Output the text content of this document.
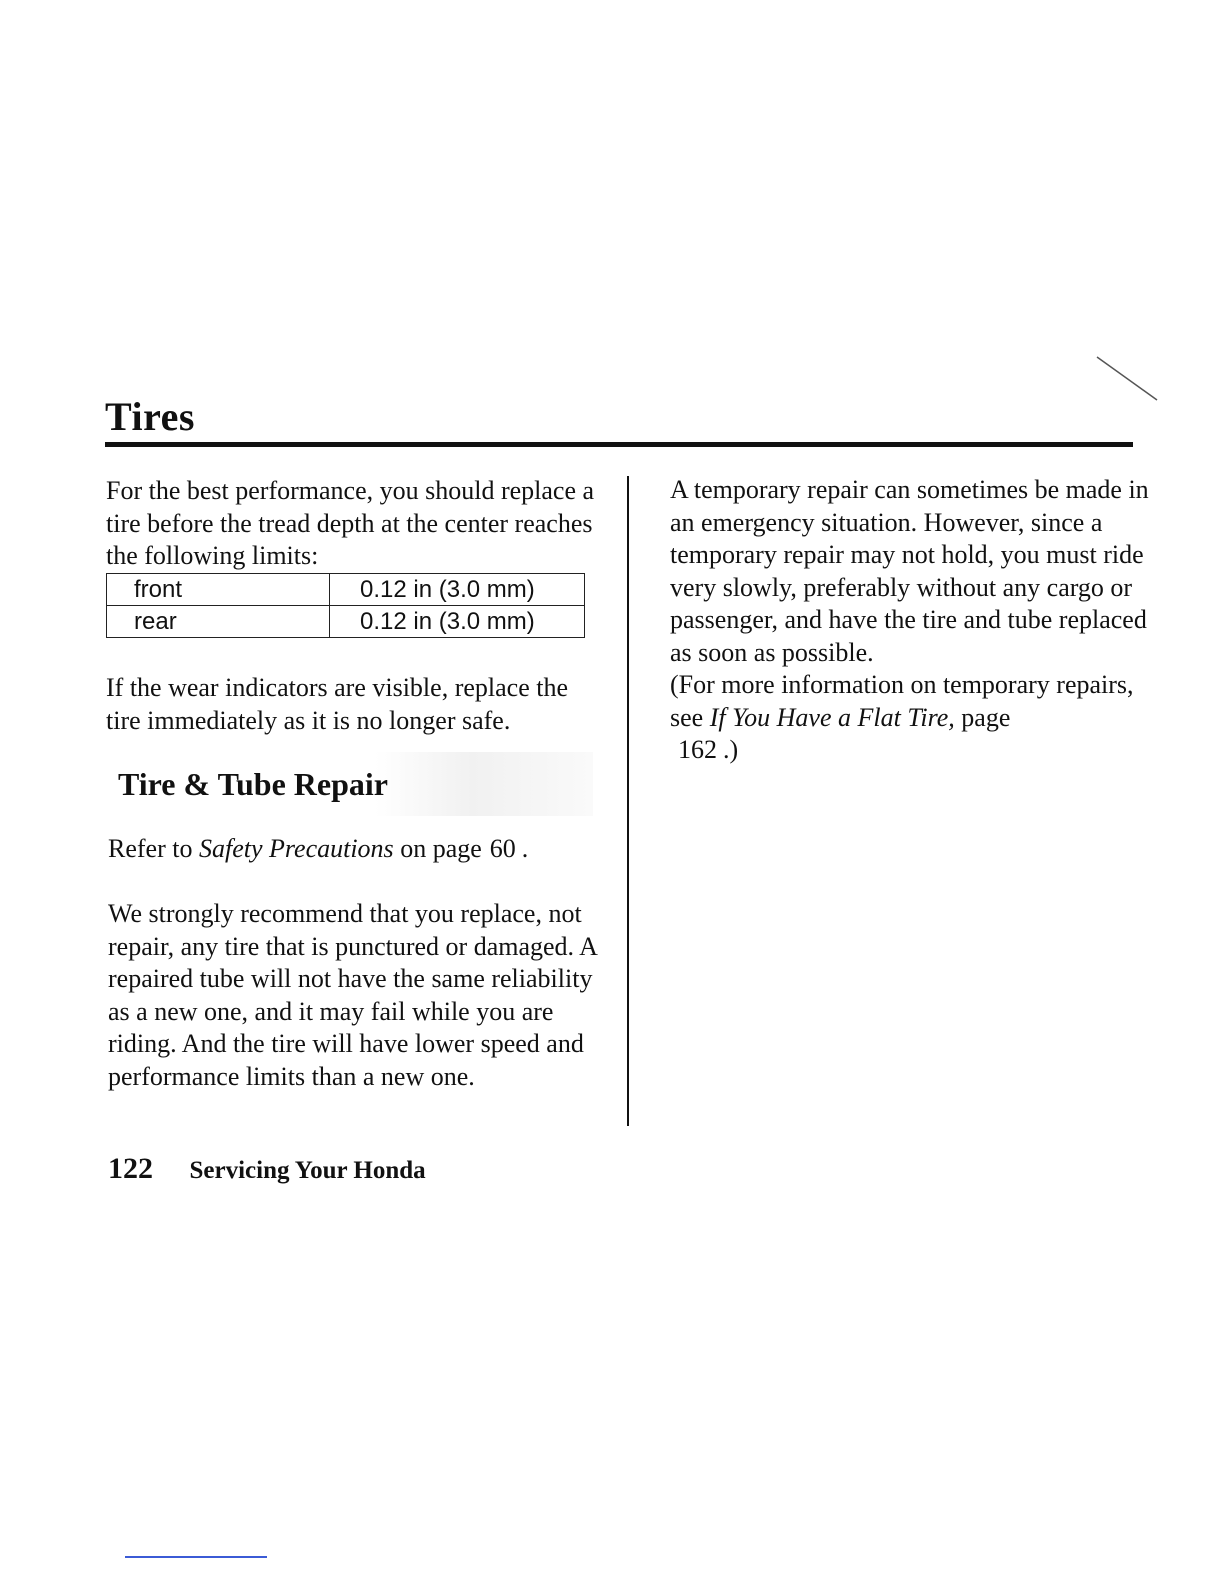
Tires

For the best performance, you should replace a tire before the tread depth at the center reaches the following limits:

front	0.12 in (3.0 mm)
rear	0.12 in (3.0 mm)

If the wear indicators are visible, replace the tire immediately as it is no longer safe.

Tire & Tube Repair
Refer to Safety Precautions on page 60 .

We strongly recommend that you replace, not repair, any tire that is punctured or damaged. A repaired tube will not have the same reliability as a new one, and it may fail while you are riding. And the tire will have lower speed and performance limits than a new one.

A temporary repair can sometimes be made in an emergency situation. However, since a temporary repair may not hold, you must ride very slowly, preferably without any cargo or passenger, and have the tire and tube replaced as soon as possible.

(For more information on temporary repairs, see If You Have a Flat Tire, page
162 .)

122 Servicing Your Honda
